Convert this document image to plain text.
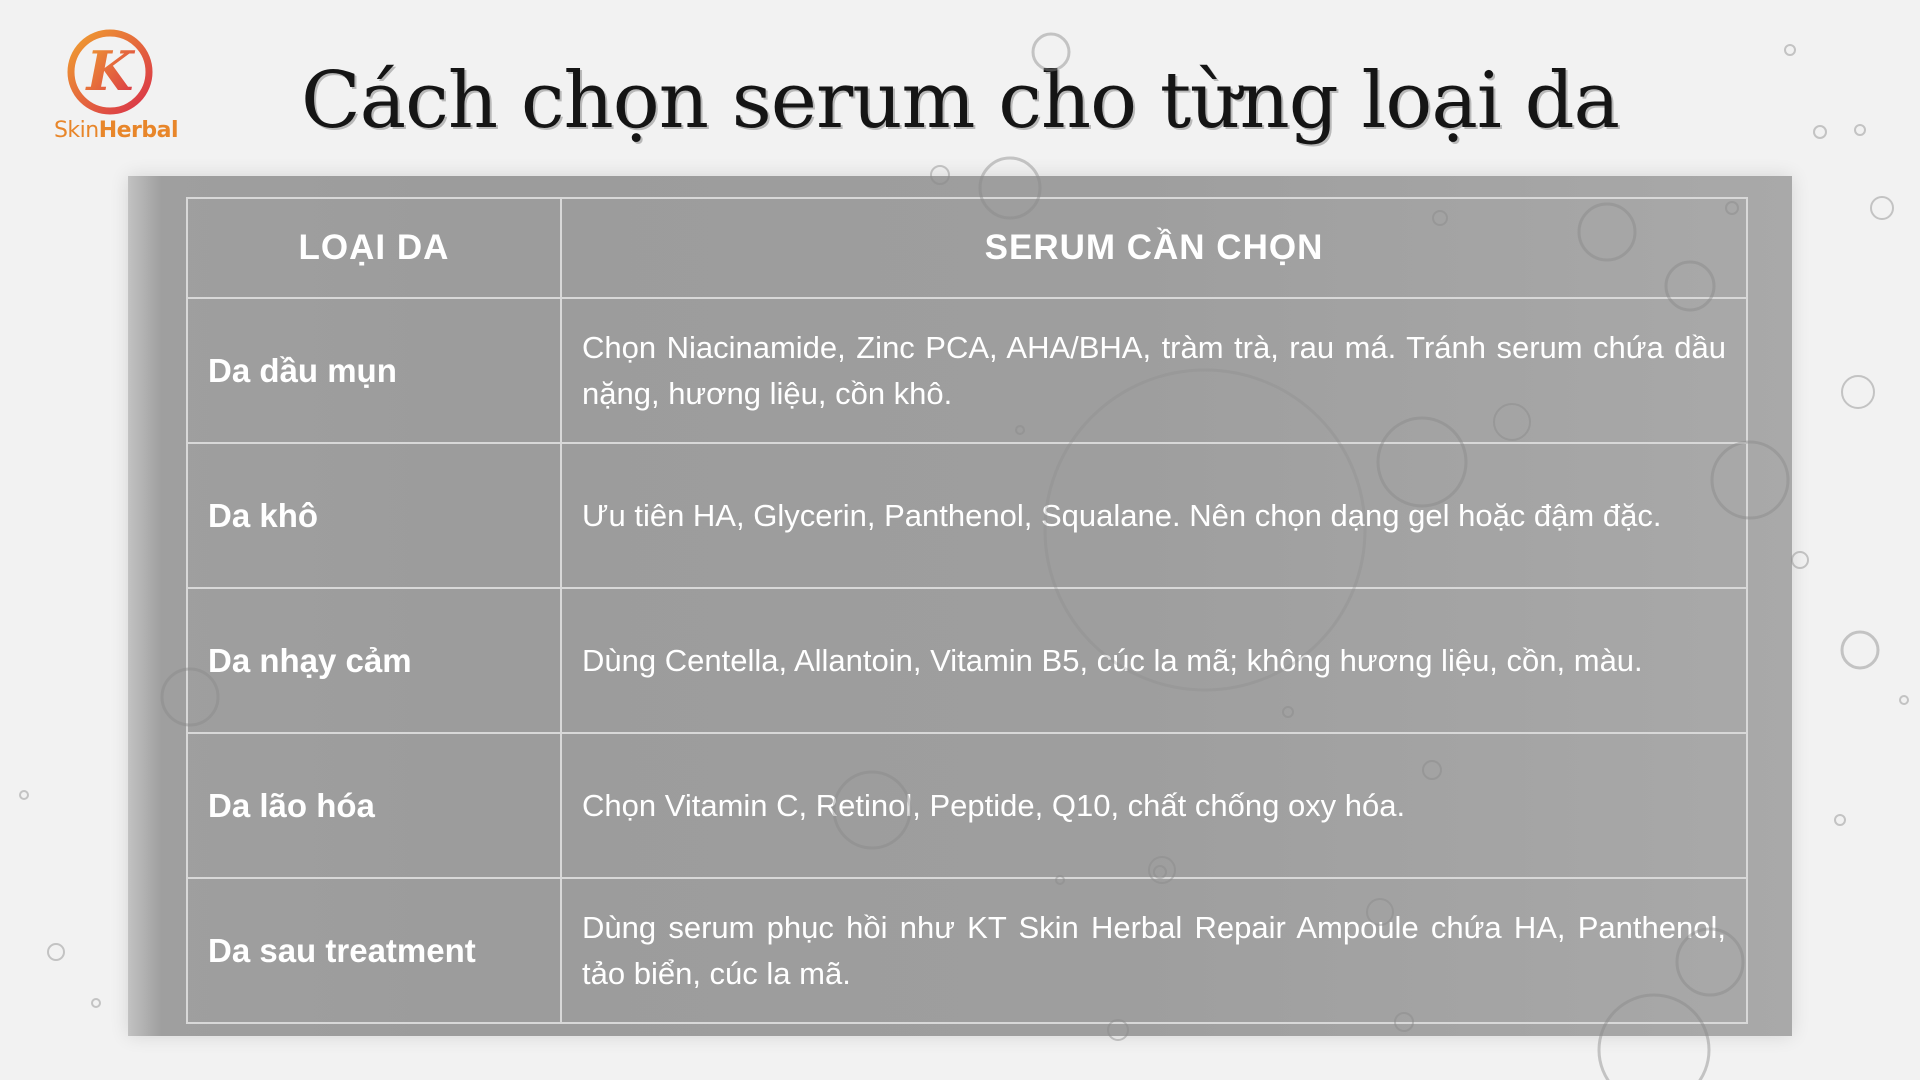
K
SkinHerbal	Cách chọn serum cho từng loại da
LOẠI DA	SERUM CẦN CHỌN
Da dầu mụn	Chọn Niacinamide, Zinc PCA, AHA/BHA, tràm trà, rau má. Tránh serum chứa dầu nặng, hương liệu, cồn khô.
Da khô	Ưu tiên HA, Glycerin, Panthenol, Squalane. Nên chọn dạng gel hoặc đậm đặc.
Da nhạy cảm	Dùng Centella, Allantoin, Vitamin B5, cúc la mã; không hương liệu, cồn, màu.
Da lão hóa	Chọn Vitamin C, Retinol, Peptide, Q10, chất chống oxy hóa.
Da sau treatment	Dùng serum phục hồi như KT Skin Herbal Repair Ampoule chứa HA, Panthenol, tảo biển, cúc la mã.
